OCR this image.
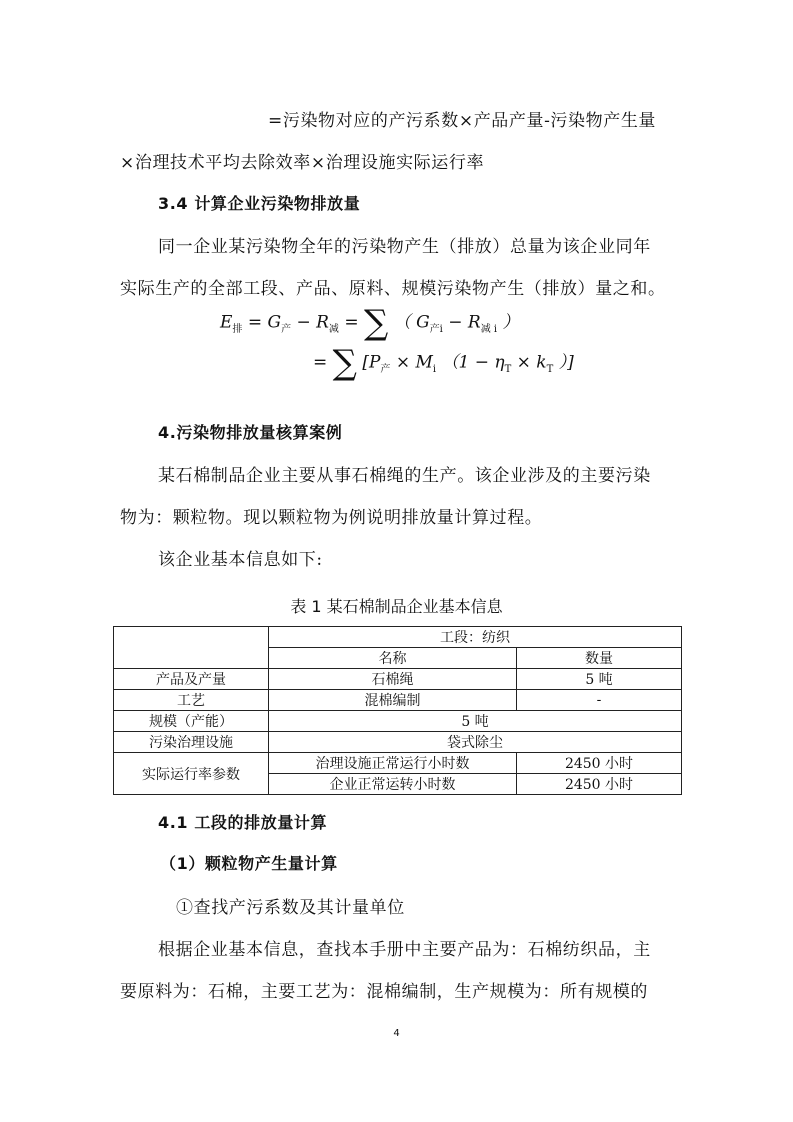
=污染物对应的产污系数×产品产量-污染物产生量
×治理技术平均去除效率×治理设施实际运行率
3.4 计算企业污染物排放量
同一企业某污染物全年的污染物产生（排放）总量为该企业同年
实际生产的全部工段、产品、原料、规模污染物产生（排放）量之和。
$E_排 = G_产 - R_减$ = ∑ （ $G_{产i} - R_{减 i}$ ）
= ∑ [$P_产 \times M_i$ （$1 - \eta_T \times k_T$ ）]
4.污染物排放量核算案例
某石棉制品企业主要从事石棉绳的生产。该企业涉及的主要污染
物为：颗粒物。现以颗粒物为例说明排放量计算过程。
该企业基本信息如下:
表 1 某石棉制品企业基本信息
	工段：纺织	
	名称	数量
产品及产量	石棉绳	5 吨
工艺	混棉编制	-
规模（产能）	5 吨	
污染治理设施	袋式除尘	
实际运行率参数	治理设施正常运行小时数	2450 小时
	企业正常运转小时数	2450 小时
4.1 工段的排放量计算
（1）颗粒物产生量计算
①查找产污系数及其计量单位
根据企业基本信息，查找本手册中主要产品为：石棉纺织品，主
要原料为：石棉，主要工艺为：混棉编制，生产规模为：所有规模的
4
